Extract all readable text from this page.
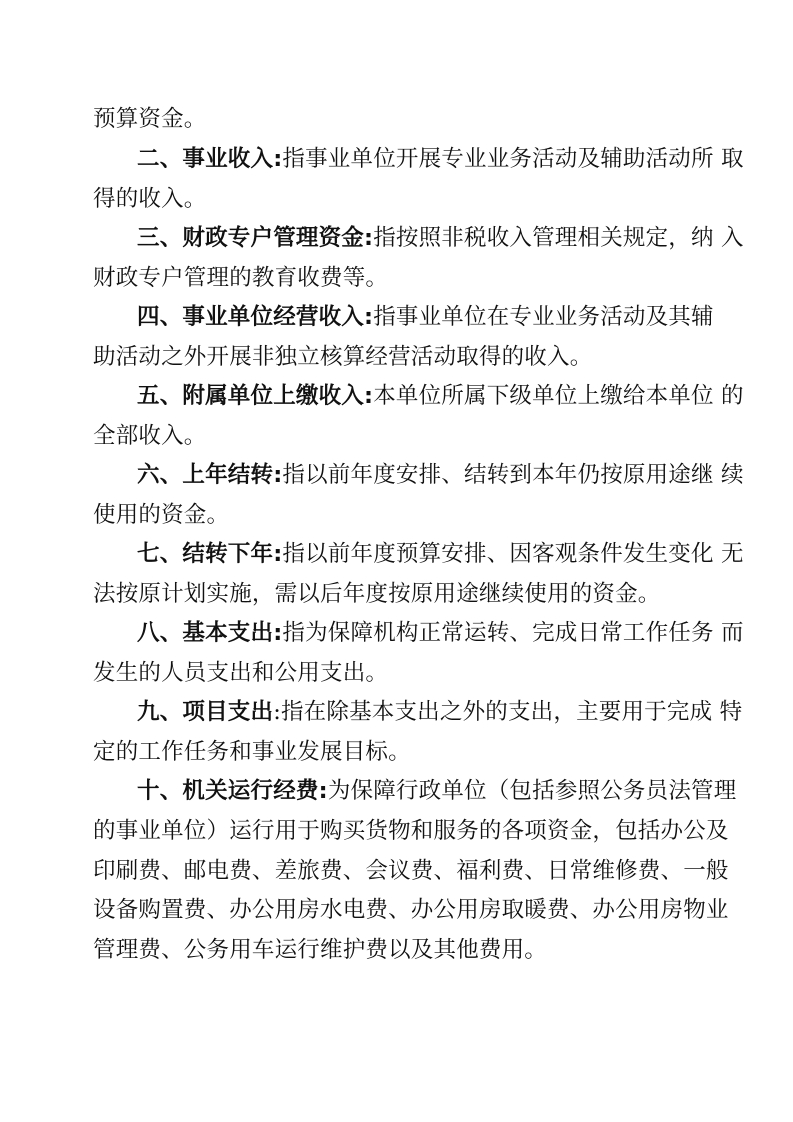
预算资金。
二、事业收入:指事业单位开展专业业务活动及辅助活动所 取
得的收入。
三、财政专户管理资金:指按照非税收入管理相关规定，纳 入
财政专户管理的教育收费等。
四、事业单位经营收入:指事业单位在专业业务活动及其辅
助活动之外开展非独立核算经营活动取得的收入。
五、附属单位上缴收入:本单位所属下级单位上缴给本单位 的
全部收入。
六、上年结转:指以前年度安排、结转到本年仍按原用途继 续
使用的资金。
七、结转下年:指以前年度预算安排、因客观条件发生变化 无
法按原计划实施，需以后年度按原用途继续使用的资金。
八、基本支出:指为保障机构正常运转、完成日常工作任务 而
发生的人员支出和公用支出。
九、项目支出:指在除基本支出之外的支出，主要用于完成 特
定的工作任务和事业发展目标。
十、机关运行经费:为保障行政单位（包括参照公务员法管理
的事业单位）运行用于购买货物和服务的各项资金，包括办公及
印刷费、邮电费、差旅费、会议费、福利费、日常维修费、一般
设备购置费、办公用房水电费、办公用房取暖费、办公用房物业
管理费、公务用车运行维护费以及其他费用。
